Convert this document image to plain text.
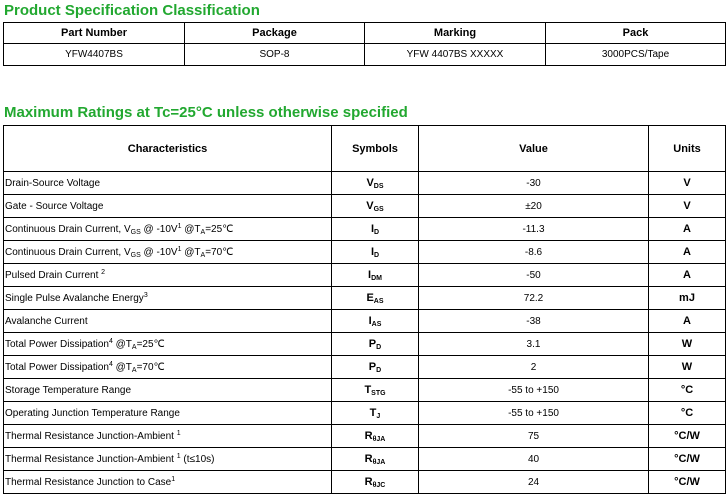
Product Specification Classification
Part Number	Package	Marking	Pack
YFW4407BS	SOP-8	YFW 4407BS XXXXX	3000PCS/Tape
Maximum Ratings at Tc=25°C unless otherwise specified
Characteristics	Symbols	Value	Units
Drain-Source Voltage	$V_{DS}$	-30	V
Gate - Source Voltage	$V_{GS}$	±20	V
Continuous Drain Current, $V_{GS}$ @ $-10V^1$ $@T_A=25℃$	$I_D$	-11.3	A
Continuous Drain Current, $V_{GS}$ @ $-10V^1$ $@T_A=70℃$	$I_D$	-8.6	A
Pulsed Drain Current $^2$	$I_{DM}$	-50	A
Single Pulse Avalanche Energy$^3$	$E_{AS}$	72.2	mJ
Avalanche Current	$I_{AS}$	-38	A
Total Power Dissipation$^4$ $@T_A=25℃$	$P_D$	3.1	W
Total Power Dissipation$^4$ $@T_A=70℃$	$P_D$	2	W
Storage Temperature Range	$T_{STG}$	-55 to +150	°C
Operating Junction Temperature Range	$T_J$	-55 to +150	°C
Thermal Resistance Junction-Ambient $^1$	$R_{\theta JA}$	75	°C/W
Thermal Resistance Junction-Ambient $^1$ (t≤10s)	$R_{\theta JA}$	40	°C/W
Thermal Resistance Junction to Case$^1$	$R_{\theta JC}$	24	°C/W
